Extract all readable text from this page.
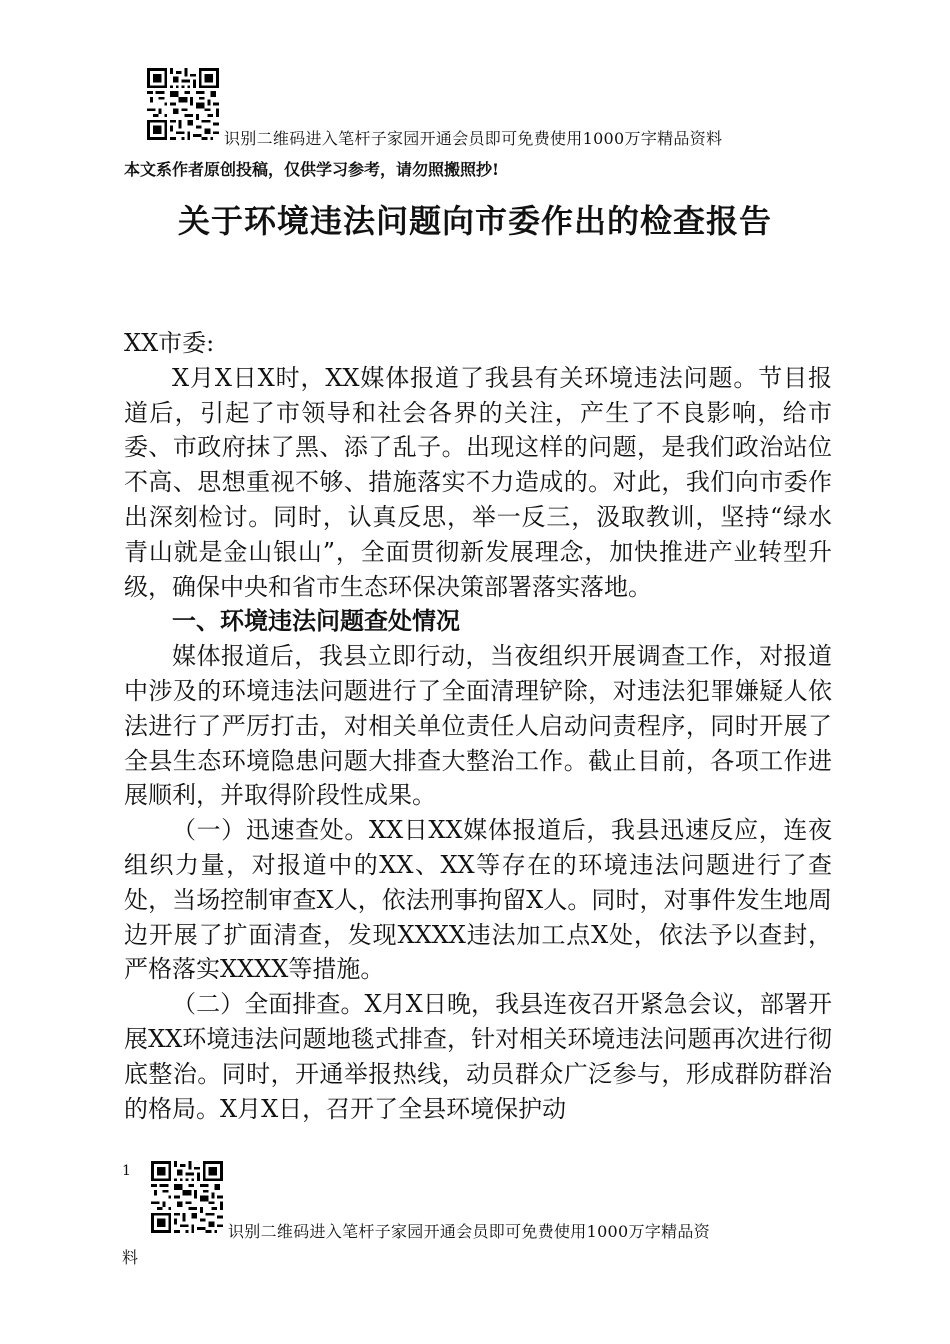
识别二维码进入笔杆子家园开通会员即可免费使用1000万字精品资料
本文系作者原创投稿，仅供学习参考，请勿照搬照抄!
关于环境违法问题向市委作出的检查报告

XX市委:

X月X日X时，XX媒体报道了我县有关环境违法问题。节目报道后，引起了市领导和社会各界的关注，产生了不良影响，给市委、市政府抹了黑、添了乱子。出现这样的问题，是我们政治站位不高、思想重视不够、措施落实不力造成的。对此，我们向市委作出深刻检讨。同时，认真反思，举一反三，汲取教训，坚持“绿水青山就是金山银山”，全面贯彻新发展理念，加快推进产业转型升级，确保中央和省市生态环保决策部署落实落地。

一、环境违法问题查处情况

媒体报道后，我县立即行动，当夜组织开展调查工作，对报道中涉及的环境违法问题进行了全面清理铲除，对违法犯罪嫌疑人依法进行了严厉打击，对相关单位责任人启动问责程序，同时开展了全县生态环境隐患问题大排查大整治工作。截止目前，各项工作进展顺利，并取得阶段性成果。

（一）迅速查处。XX日XX媒体报道后，我县迅速反应，连夜组织力量，对报道中的XX、XX等存在的环境违法问题进行了查处，当场控制审查X人，依法刑事拘留X人。同时，对事件发生地周边开展了扩面清查，发现XXXX违法加工点X处，依法予以查封，严格落实XXXX等措施。

（二）全面排查。X月X日晚，我县连夜召开紧急会议，部署开展XX环境违法问题地毯式排查，针对相关环境违法问题再次进行彻底整治。同时，开通举报热线，动员群众广泛参与，形成群防群治的格局。X月X日，召开了全县环境保护动

1
识别二维码进入笔杆子家园开通会员即可免费使用1000万字精品资
料
